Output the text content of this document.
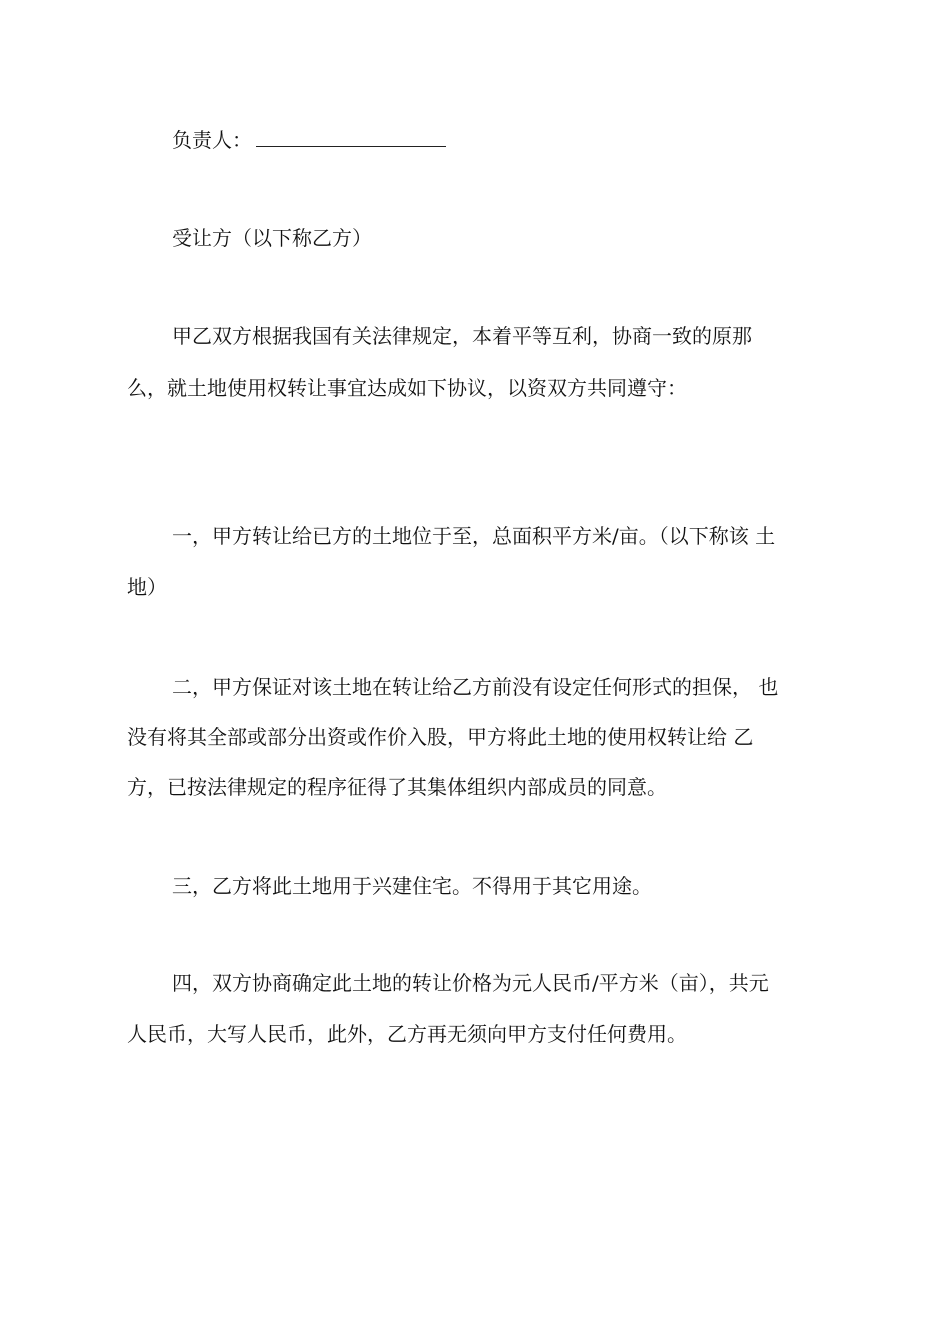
负责人：
受让方（以下称乙方）
甲乙双方根据我国有关法律规定，本着平等互利，协商一致的原那
么，就土地使用权转让事宜达成如下协议，以资双方共同遵守：
一，甲方转让给已方的土地位于至，总面积平方米/亩。（以下称该 土
地）
二，甲方保证对该土地在转让给乙方前没有设定任何形式的担保， 也
没有将其全部或部分出资或作价入股，甲方将此土地的使用权转让给 乙
方，已按法律规定的程序征得了其集体组织内部成员的同意。
三，乙方将此土地用于兴建住宅。不得用于其它用途。
四，双方协商确定此土地的转让价格为元人民币/平方米（亩），共元
人民币，大写人民币，此外，乙方再无须向甲方支付任何费用。
